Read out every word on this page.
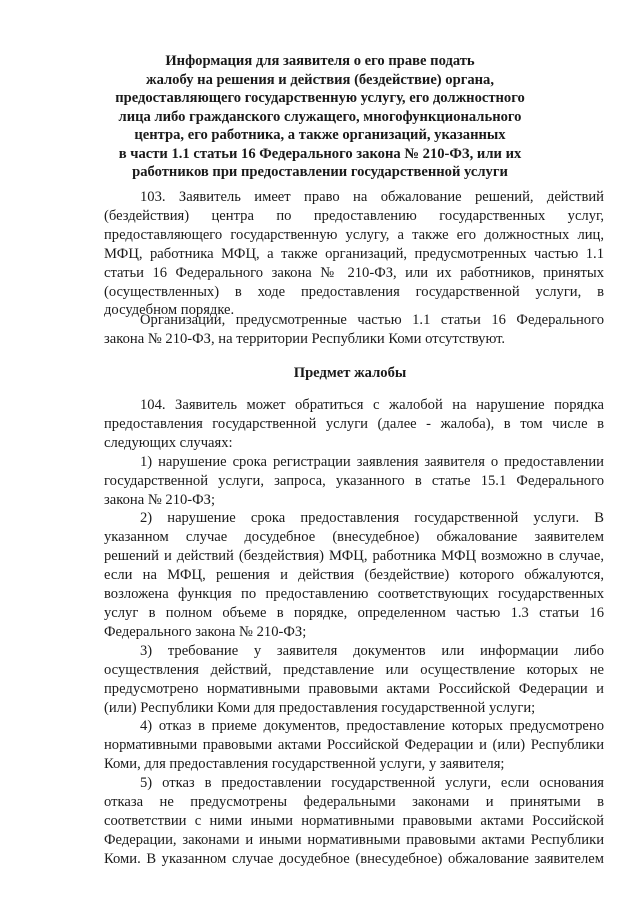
Информация для заявителя о его праве подать
жалобу на решения и действия (бездействие) органа,
предоставляющего государственную услугу, его должностного
лица либо гражданского служащего, многофункционального
центра, его работника, а также организаций, указанных
в части 1.1 статьи 16 Федерального закона № 210-ФЗ, или их
работников при предоставлении государственной услуги
103. Заявитель имеет право на обжалование решений, действий
(бездействия) центра по предоставлению государственных услуг,
предоставляющего государственную услугу, а также его должностных лиц,
МФЦ, работника МФЦ, а также организаций, предусмотренных частью 1.1
статьи 16 Федерального закона № 210-ФЗ, или их работников, принятых
(осуществленных) в ходе предоставления государственной услуги, в
досудебном порядке.
Организации, предусмотренные частью 1.1 статьи 16 Федерального
закона № 210-ФЗ, на территории Республики Коми отсутствуют.
Предмет жалобы
104. Заявитель может обратиться с жалобой на нарушение порядка
предоставления государственной услуги (далее - жалоба), в том числе в
следующих случаях:
1) нарушение срока регистрации заявления заявителя о предоставлении
государственной услуги, запроса, указанного в статье 15.1 Федерального
закона № 210-ФЗ;
2) нарушение срока предоставления государственной услуги. В
указанном случае досудебное (внесудебное) обжалование заявителем
решений и действий (бездействия) МФЦ, работника МФЦ возможно в случае,
если на МФЦ, решения и действия (бездействие) которого обжалуются,
возложена функция по предоставлению соответствующих государственных
услуг в полном объеме в порядке, определенном частью 1.3 статьи 16
Федерального закона № 210-ФЗ;
3) требование у заявителя документов или информации либо
осуществления действий, представление или осуществление которых не
предусмотрено нормативными правовыми актами Российской Федерации и
(или) Республики Коми для предоставления государственной услуги;
4) отказ в приеме документов, предоставление которых предусмотрено
нормативными правовыми актами Российской Федерации и (или) Республики
Коми, для предоставления государственной услуги, у заявителя;
5) отказ в предоставлении государственной услуги, если основания
отказа не предусмотрены федеральными законами и принятыми в
соответствии с ними иными нормативными правовыми актами Российской
Федерации, законами и иными нормативными правовыми актами Республики
Коми. В указанном случае досудебное (внесудебное) обжалование заявителем
